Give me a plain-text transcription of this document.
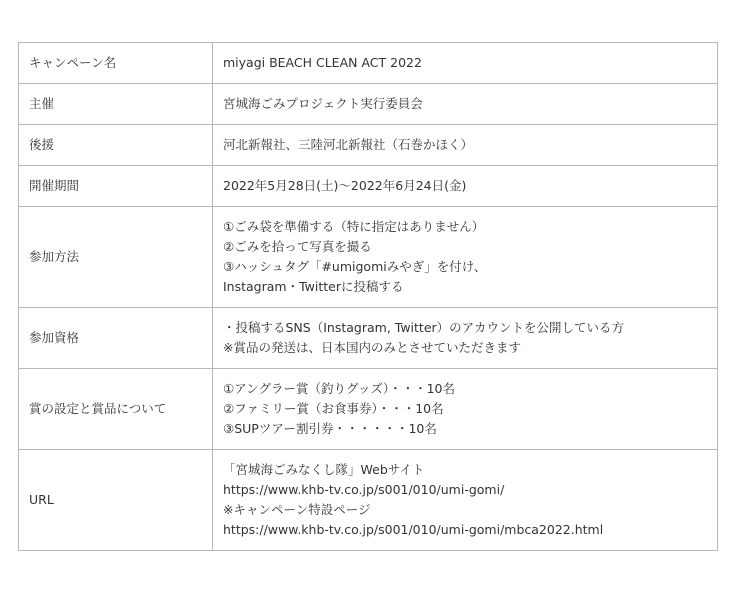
キャンペーン名	miyagi BEACH CLEAN ACT 2022

主催	宮城海ごみプロジェクト実行委員会

後援	河北新報社、三陸河北新報社（石巻かほく）

開催期間	2022年5月28日(土)〜2022年6月24日(金)

参加方法	①ごみ袋を準備する（特に指定はありません）
②ごみを拾って写真を撮る
③ハッシュタグ「#umigomiみやぎ」を付け、
Instagram・Twitterに投稿する

参加資格	・投稿するSNS（Instagram, Twitter）のアカウントを公開している方
※賞品の発送は、日本国内のみとさせていただきます

賞の設定と賞品について	①アングラー賞（釣りグッズ）・・・10名
②ファミリー賞（お食事券）・・・10名
③SUPツアー割引券・・・・・・10名

URL	「宮城海ごみなくし隊」Webサイト
https://www.khb-tv.co.jp/s001/010/umi-gomi/
※キャンペーン特設ページ
https://www.khb-tv.co.jp/s001/010/umi-gomi/mbca2022.html
